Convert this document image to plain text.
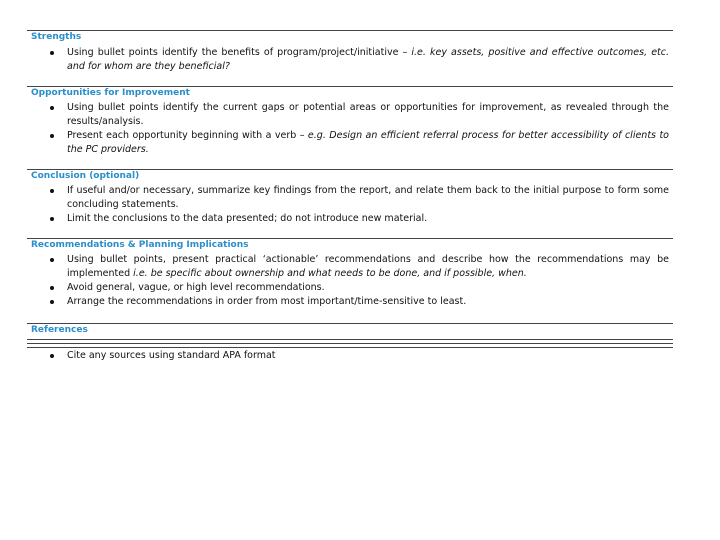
Strengths
Using bullet points identify the benefits of program/project/initiative – i.e. key assets, positive and effective outcomes, etc. and for whom are they beneficial?
Opportunities for Improvement
Using bullet points identify the current gaps or potential areas or opportunities for improvement, as revealed through the results/analysis.
Present each opportunity beginning with a verb – e.g. Design an efficient referral process for better accessibility of clients to the PC providers.
Conclusion (optional)
If useful and/or necessary, summarize key findings from the report, and relate them back to the initial purpose to form some concluding statements.
Limit the conclusions to the data presented; do not introduce new material.
Recommendations & Planning Implications
Using bullet points, present practical ‘actionable’ recommendations and describe how the recommendations may be implemented i.e. be specific about ownership and what needs to be done, and if possible, when.
Avoid general, vague, or high level recommendations.
Arrange the recommendations in order from most important/time-sensitive to least.
References
Cite any sources using standard APA format
